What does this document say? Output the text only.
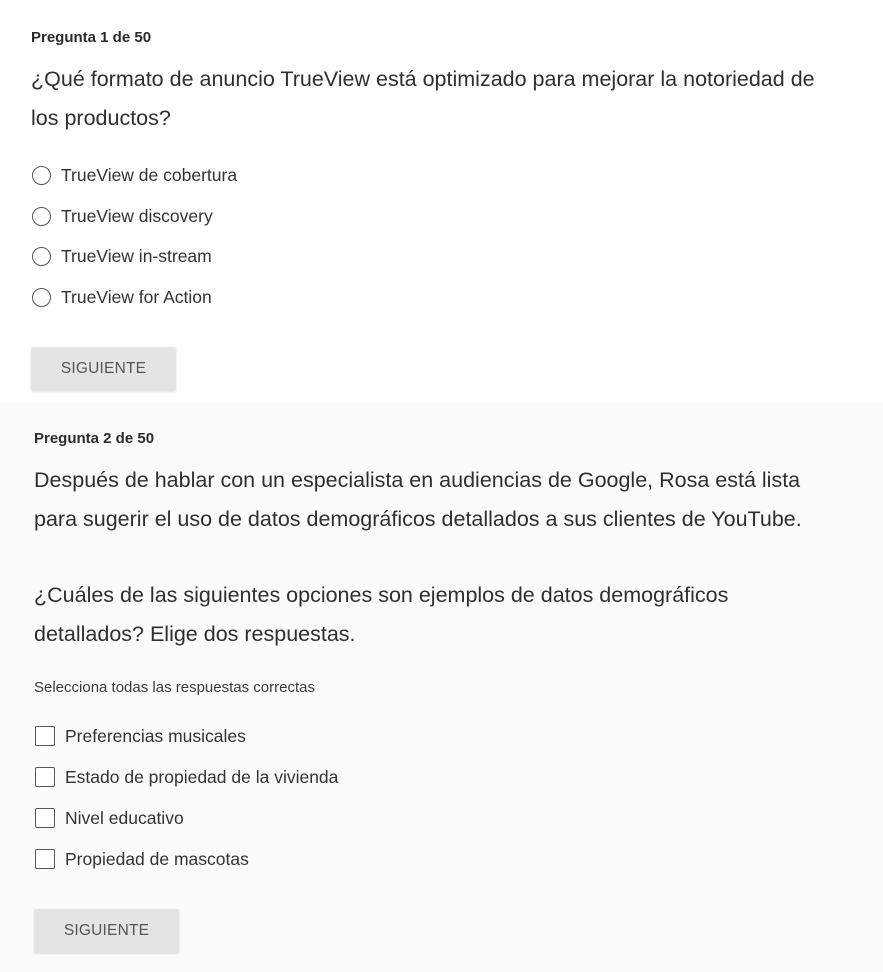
Pregunta 1 de 50
¿Qué formato de anuncio TrueView está optimizado para mejorar la notoriedad de
los productos?
TrueView de cobertura
TrueView discovery
TrueView in-stream
TrueView for Action
SIGUIENTE
Pregunta 2 de 50
Después de hablar con un especialista en audiencias de Google, Rosa está lista
para sugerir el uso de datos demográficos detallados a sus clientes de YouTube.
¿Cuáles de las siguientes opciones son ejemplos de datos demográficos
detallados? Elige dos respuestas.
Selecciona todas las respuestas correctas
Preferencias musicales
Estado de propiedad de la vivienda
Nivel educativo
Propiedad de mascotas
SIGUIENTE
